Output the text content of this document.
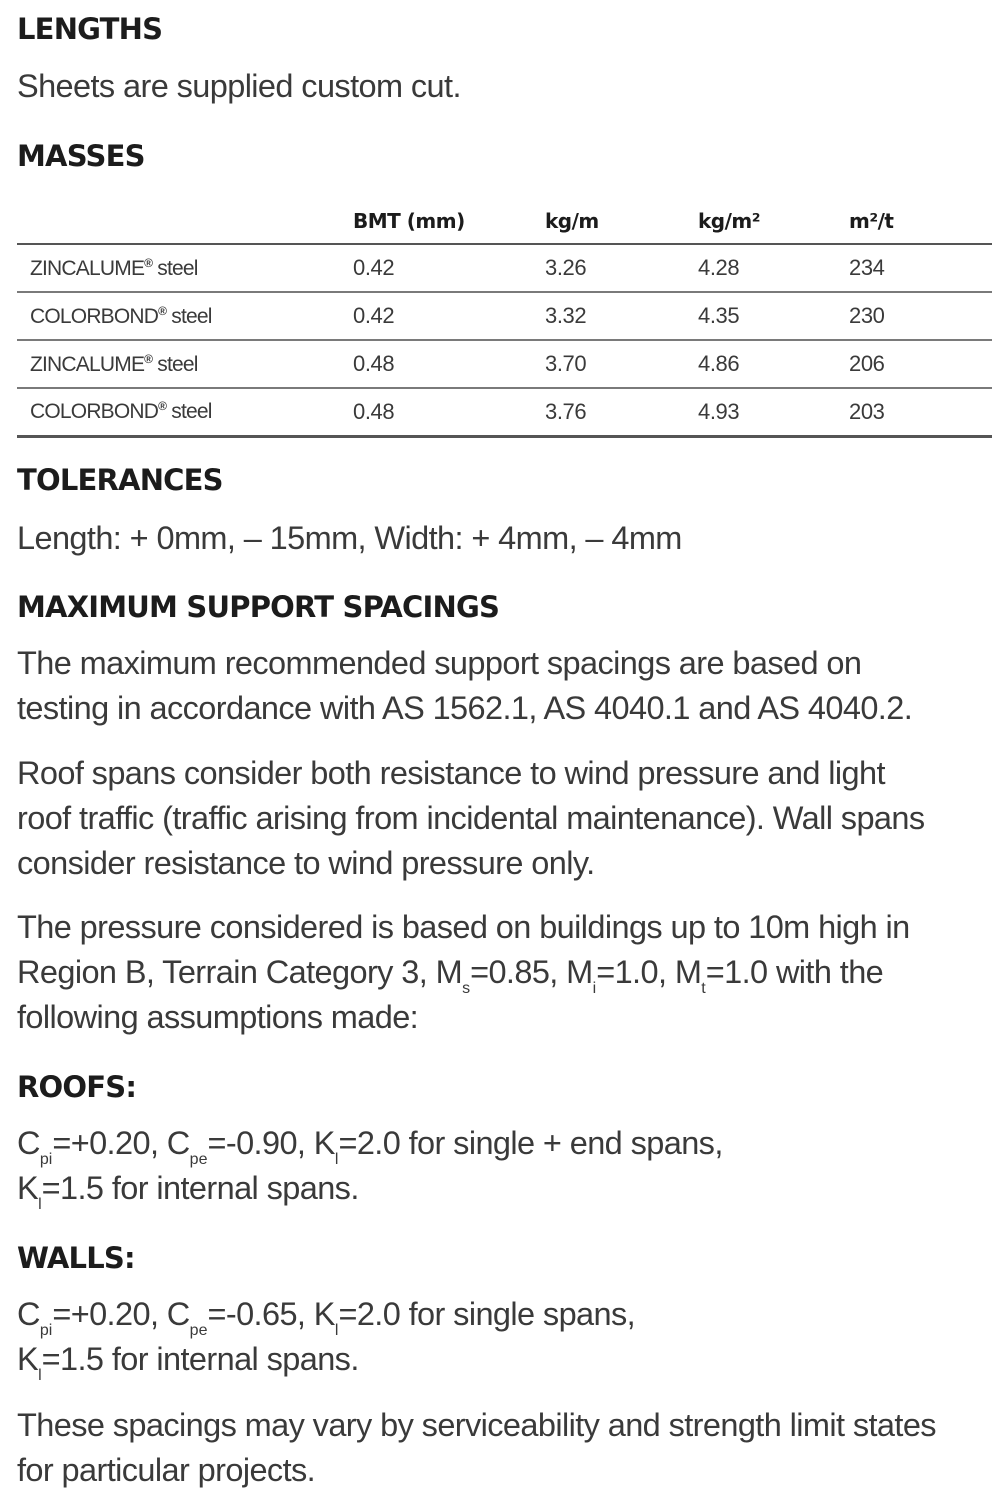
LENGTHS

Sheets are supplied custom cut.

MASSES
	BMT (mm)	kg/m	kg/m²	m²/t
ZINCALUME® steel	0.42	3.26	4.28	234
COLORBOND® steel	0.42	3.32	4.35	230
ZINCALUME® steel	0.48	3.70	4.86	206
COLORBOND® steel	0.48	3.76	4.93	203
TOLERANCES

Length: + 0mm, – 15mm, Width: + 4mm, – 4mm

MAXIMUM SUPPORT SPACINGS

The maximum recommended support spacings are based on

testing in accordance with AS 1562.1, AS 4040.1 and AS 4040.2.

Roof spans consider both resistance to wind pressure and light

roof traffic (traffic arising from incidental maintenance). Wall spans

consider resistance to wind pressure only.

The pressure considered is based on buildings up to 10m high in

Region B, Terrain Category 3, $M_s=0.85$, $M_i=1.0$, $M_t=1.0$ with the

following assumptions made:

ROOFS:

$C_{pi}=+0.20$, $C_{pe}=-0.90$, $K_l=2.0$ for single + end spans,

$K_l=1.5$ for internal spans.

WALLS:

$C_{pi}=+0.20$, $C_{pe}=-0.65$, $K_l=2.0$ for single spans,

$K_l=1.5$ for internal spans.

These spacings may vary by serviceability and strength limit states

for particular projects.
